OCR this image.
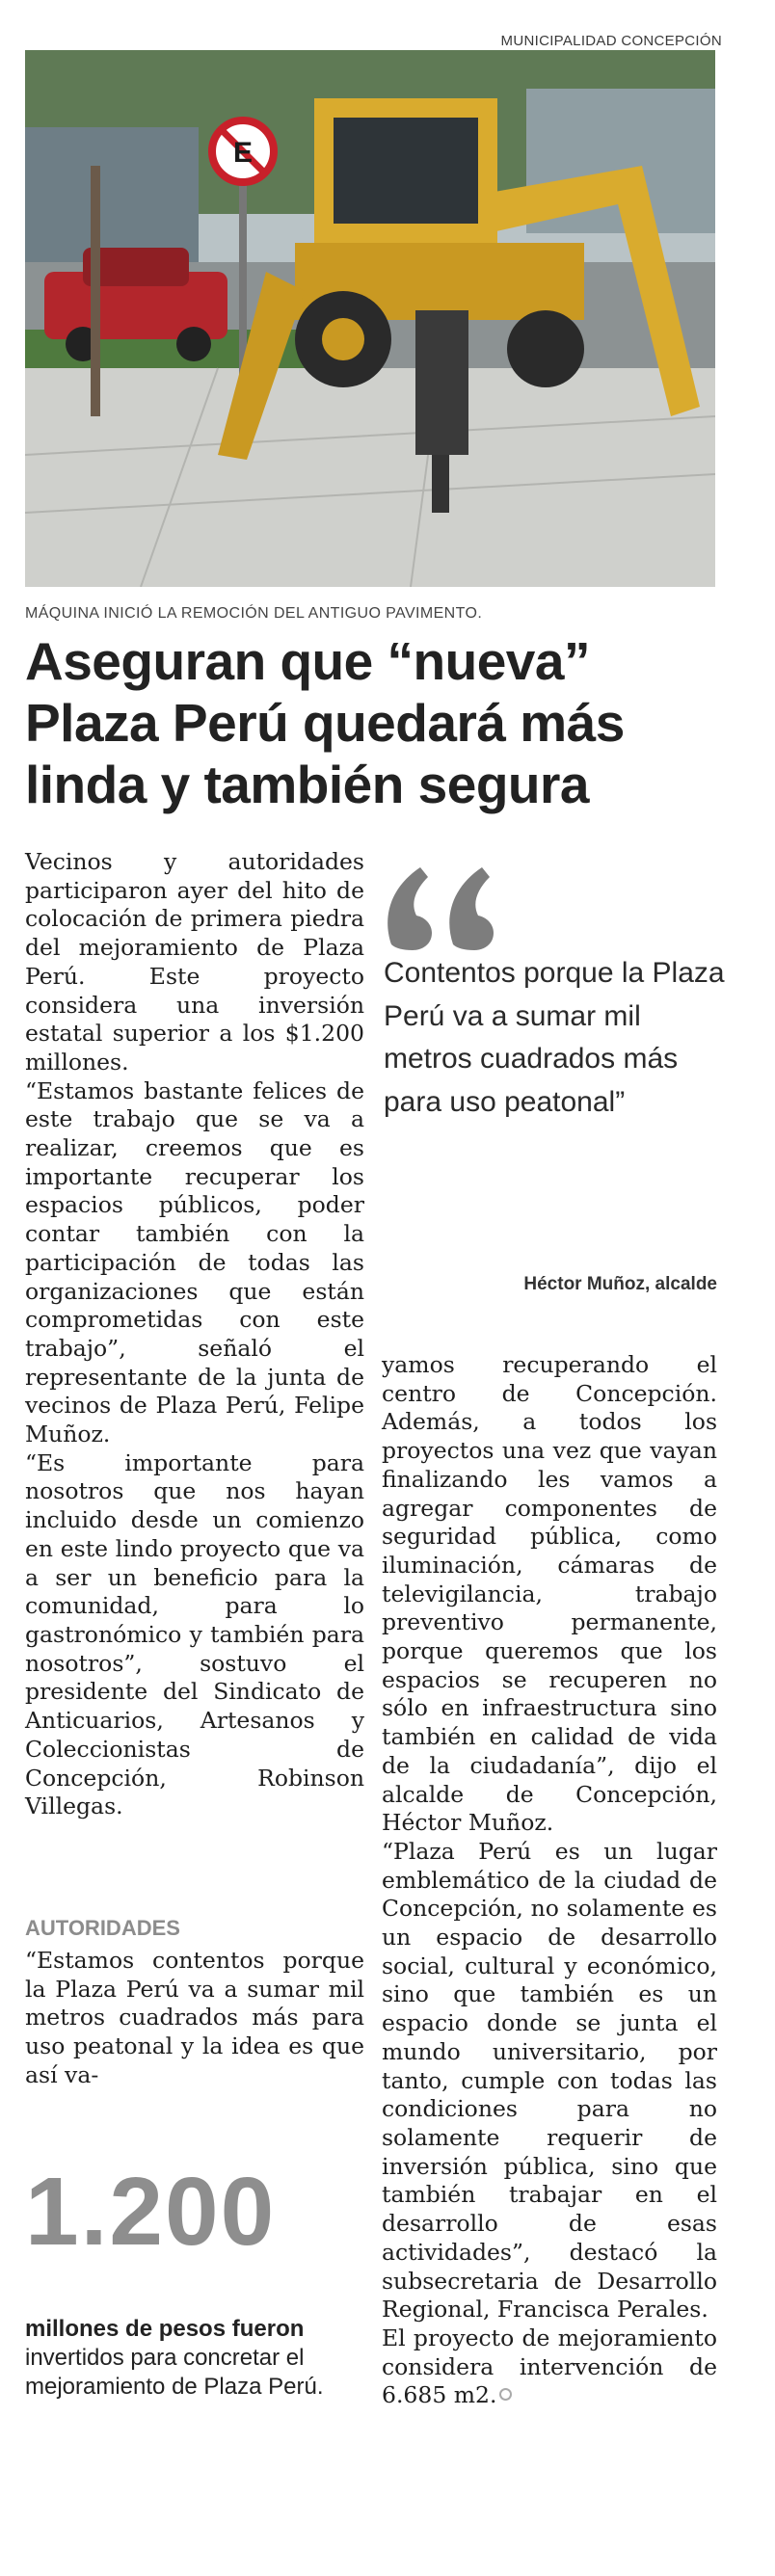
MUNICIPALIDAD CONCEPCIÓN
E
MÁQUINA INICIÓ LA REMOCIÓN DEL ANTIGUO PAVIMENTO.
Aseguran que “nueva” Plaza Perú quedará más linda y también segura

Vecinos y autoridades participaron ayer del hito de colocación de primera piedra del mejoramiento de Plaza Perú. Este proyecto considera una inversión estatal superior a los $1.200 millones.

“Estamos bastante felices de este trabajo que se va a realizar, creemos que es importante recuperar los espacios públicos, poder contar también con la participación de todas las organizaciones que están comprometidas con este trabajo”, señaló el representante de la junta de vecinos de Plaza Perú, Felipe Muñoz.

“Es importante para nosotros que nos hayan incluido desde un comienzo en este lindo proyecto que va a ser un beneficio para la comunidad, para lo gastronómico y también para nosotros”, sostuvo el presidente del Sindicato de Anticuarios, Artesanos y Coleccionistas de Concepción, Robinson Villegas.

AUTORIDADES

“Estamos contentos porque la Plaza Perú va a sumar mil metros cuadrados más para uso peatonal y la idea es que así va-

Contentos porque la Plaza Perú va a sumar mil metros cuadrados más para uso peatonal”

Héctor Muñoz, alcalde

yamos recuperando el centro de Concepción. Además, a todos los proyectos una vez que vayan finalizando les vamos a agregar componentes de seguridad pública, como iluminación, cámaras de televigilancia, trabajo preventivo permanente, porque queremos que los espacios se recuperen no sólo en infraestructura sino también en calidad de vida de la ciudadanía”, dijo el alcalde de Concepción, Héctor Muñoz.

“Plaza Perú es un lugar emblemático de la ciudad de Concepción, no solamente es un espacio de desarrollo social, cultural y económico, sino que también es un espacio donde se junta el mundo universitario, por tanto, cumple con todas las condiciones para no solamente requerir de inversión pública, sino que también trabajar en el desarrollo de esas actividades”, destacó la subsecretaria de Desarrollo Regional, Francisca Perales.

El proyecto de mejoramiento considera intervención de 6.685 m2.

1.200

millones de pesos fueron invertidos para concretar el mejoramiento de Plaza Perú.
